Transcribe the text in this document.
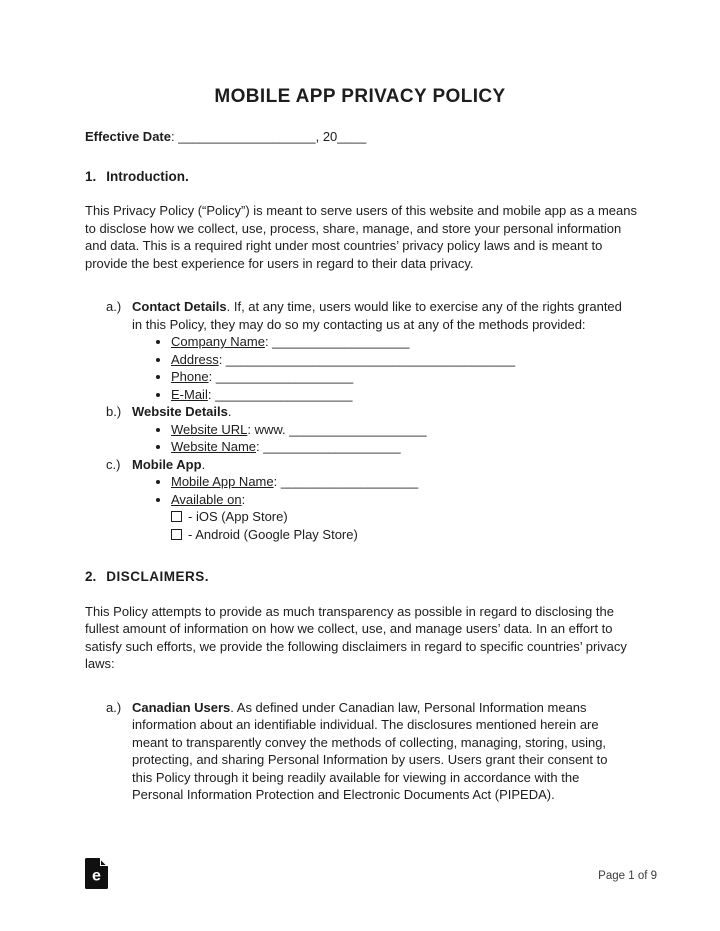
MOBILE APP PRIVACY POLICY
Effective Date: ___________________, 20____
1. Introduction.
This Privacy Policy (“Policy”) is meant to serve users of this website and mobile app as a means to disclose how we collect, use, process, share, manage, and store your personal information and data. This is a required right under most countries’ privacy policy laws and is meant to provide the best experience for users in regard to their data privacy.
a.) Contact Details. If, at any time, users would like to exercise any of the rights granted in this Policy, they may do so my contacting us at any of the methods provided:
• Company Name: ___________________
• Address: ________________________________________
• Phone: ___________________
• E-Mail: ___________________
b.) Website Details.
• Website URL: www. ___________________
• Website Name: ___________________
c.) Mobile App.
• Mobile App Name: ___________________
• Available on:
- iOS (App Store)
- Android (Google Play Store)
2. DISCLAIMERS.
This Policy attempts to provide as much transparency as possible in regard to disclosing the fullest amount of information on how we collect, use, and manage users’ data. In an effort to satisfy such efforts, we provide the following disclaimers in regard to specific countries’ privacy laws:
a.) Canadian Users. As defined under Canadian law, Personal Information means information about an identifiable individual. The disclosures mentioned herein are meant to transparently convey the methods of collecting, managing, storing, using, protecting, and sharing Personal Information by users. Users grant their consent to this Policy through it being readily available for viewing in accordance with the Personal Information Protection and Electronic Documents Act (PIPEDA).
e	Page 1 of 9
